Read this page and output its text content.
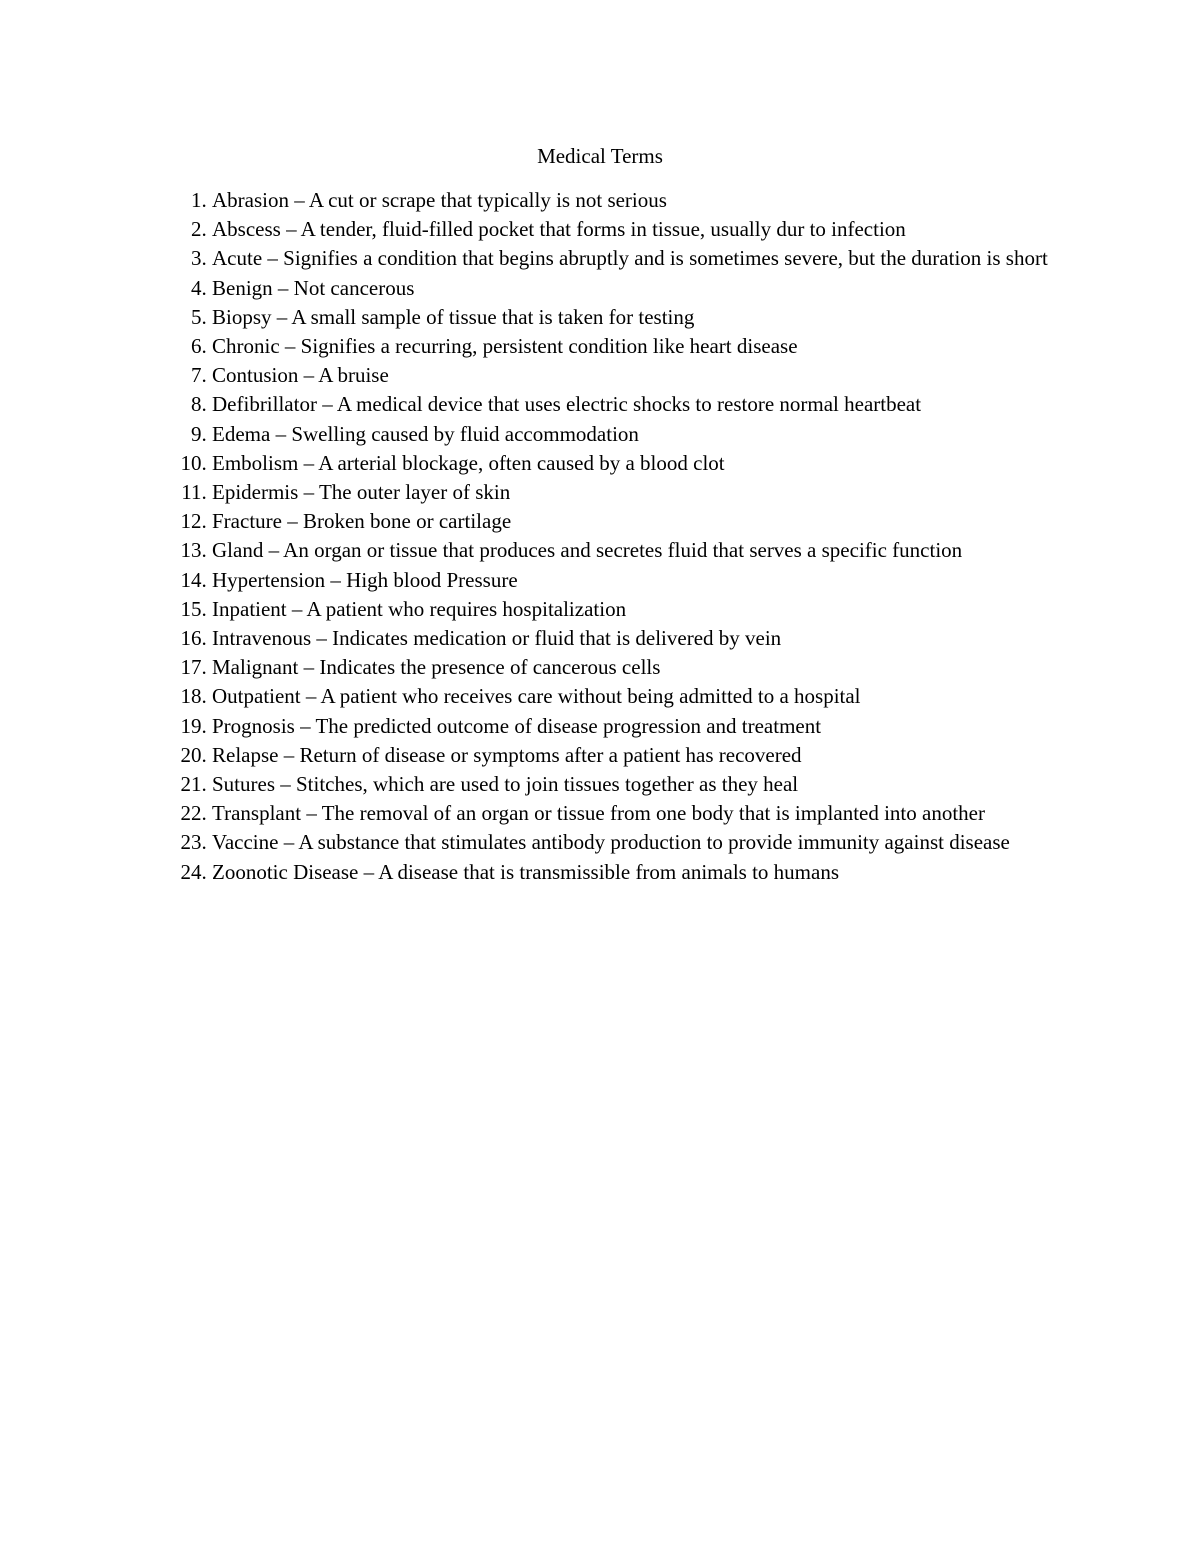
Medical Terms
1. Abrasion – A cut or scrape that typically is not serious
2. Abscess – A tender, fluid-filled pocket that forms in tissue, usually dur to infection
3. Acute – Signifies a condition that begins abruptly and is sometimes severe, but the duration is short
4. Benign – Not cancerous
5. Biopsy – A small sample of tissue that is taken for testing
6. Chronic – Signifies a recurring, persistent condition like heart disease
7. Contusion – A bruise
8. Defibrillator – A medical device that uses electric shocks to restore normal heartbeat
9. Edema – Swelling caused by fluid accommodation
10. Embolism – A arterial blockage, often caused by a blood clot
11. Epidermis – The outer layer of skin
12. Fracture – Broken bone or cartilage
13. Gland – An organ or tissue that produces and secretes fluid that serves a specific function
14. Hypertension – High blood Pressure
15. Inpatient – A patient who requires hospitalization
16. Intravenous – Indicates medication or fluid that is delivered by vein
17. Malignant – Indicates the presence of cancerous cells
18. Outpatient – A patient who receives care without being admitted to a hospital
19. Prognosis – The predicted outcome of disease progression and treatment
20. Relapse – Return of disease or symptoms after a patient has recovered
21. Sutures – Stitches, which are used to join tissues together as they heal
22. Transplant – The removal of an organ or tissue from one body that is implanted into another
23. Vaccine – A substance that stimulates antibody production to provide immunity against disease
24. Zoonotic Disease – A disease that is transmissible from animals to humans
